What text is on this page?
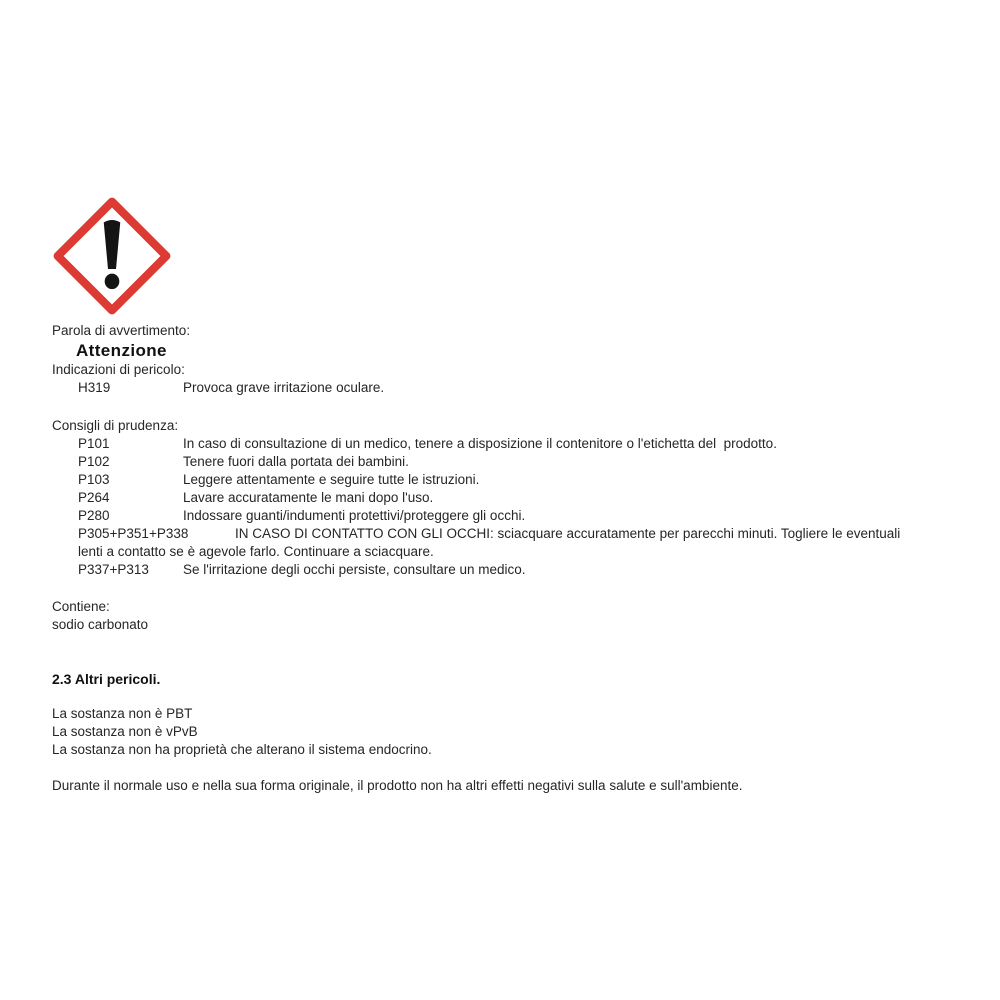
Parola di avvertimento:
Attenzione
Indicazioni di pericolo:
H319	Provoca grave irritazione oculare.
Consigli di prudenza:
P101	In caso di consultazione di un medico, tenere a disposizione il contenitore o l'etichetta del  prodotto.
P102	Tenere fuori dalla portata dei bambini.
P103	Leggere attentamente e seguire tutte le istruzioni.
P264	Lavare accuratamente le mani dopo l'uso.
P280	Indossare guanti/indumenti protettivi/proteggere gli occhi.
P305+P351+P338	IN CASO DI CONTATTO CON GLI OCCHI: sciacquare accuratamente per parecchi minuti. Togliere le eventuali lenti a contatto se è agevole farlo. Continuare a sciacquare.
P337+P313	Se l'irritazione degli occhi persiste, consultare un medico.
Contiene:
sodio carbonato
2.3 Altri pericoli.
La sostanza non è PBT
La sostanza non è vPvB
La sostanza non ha proprietà che alterano il sistema endocrino.
Durante il normale uso e nella sua forma originale, il prodotto non ha altri effetti negativi sulla salute e sull'ambiente.
